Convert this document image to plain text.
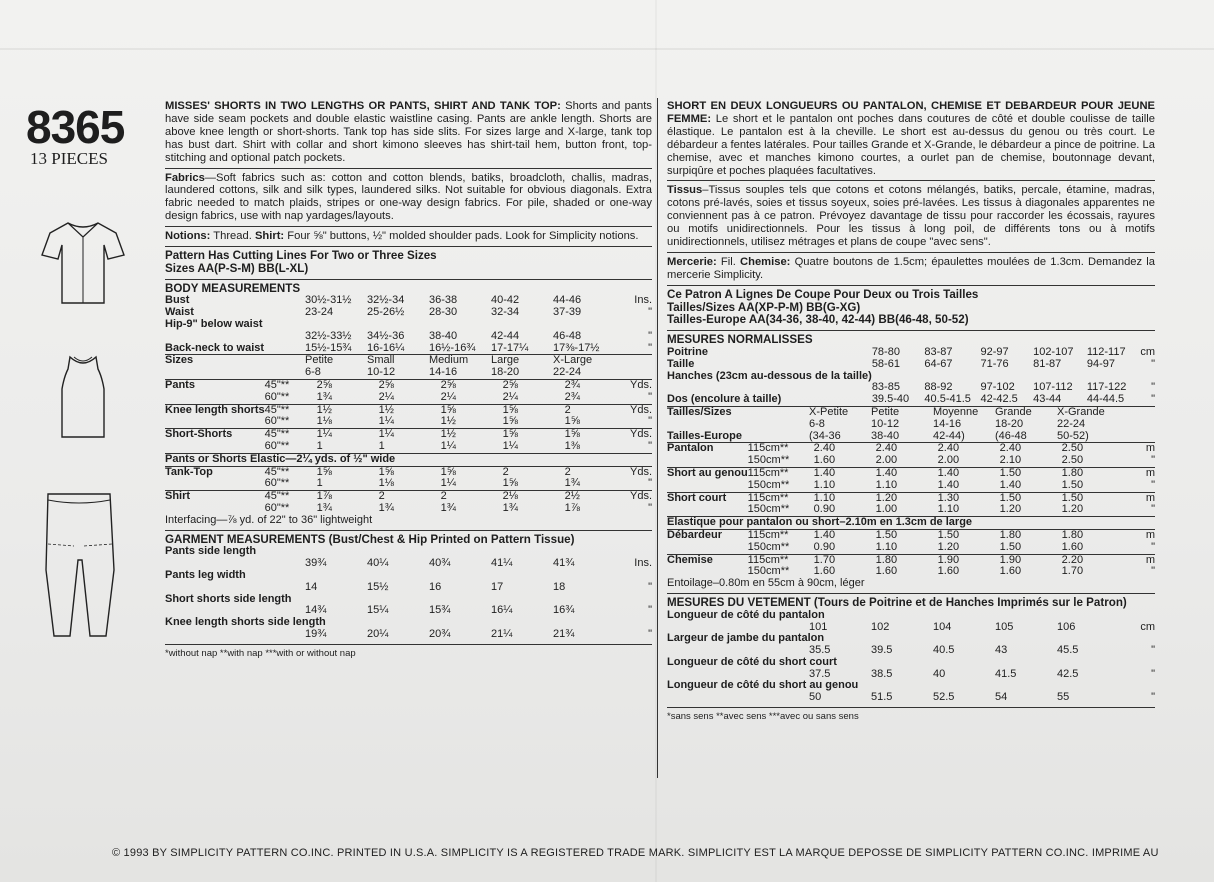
8365
13 PIECES

MISSES' SHORTS IN TWO LENGTHS OR PANTS, SHIRT AND TANK TOP: Shorts and pants have side seam pockets and double elastic waistline casing. Pants are ankle length. Shorts are above knee length or short-shorts. Tank top has side slits. For sizes large and X-large, tank top has bust dart. Shirt with collar and short kimono sleeves has shirt-tail hem, button front, top-stitching and optional patch pockets.

Fabrics—Soft fabrics such as: cotton and cotton blends, batiks, broadcloth, challis, madras, laundered cottons, silk and silk types, laundered silks. Not suitable for obvious diagonals. Extra fabric needed to match plaids, stripes or one-way design fabrics. For pile, shaded or one-way design fabrics, use with nap yardages/layouts.

Notions: Thread. Shirt: Four ⅝" buttons, ½" molded shoulder pads. Look for Simplicity notions.

Pattern Has Cutting Lines For Two or Three Sizes
Sizes AA(P-S-M) BB(L-XL)
BODY MEASUREMENTS
Bust	30½-31½	32½-34	36-38	40-42	44-46	Ins.
Waist	23-24	25-26½	28-30	32-34	37-39	"
Hip-9" below waist						
	32½-33½	34½-36	38-40	42-44	46-48	"
Back-neck to waist	15½-15¾	16-16¼	16½-16¾	17-17¼	17⅜-17½	"
Sizes	Petite	Small	Medium	Large	X-Large	
	6-8	10-12	14-16	18-20	22-24	
Pants	45"**	2⅝	2⅝	2⅝	2⅝	2¾	Yds.
	60"**	1¾	2¼	2¼	2¼	2¾	"
Knee length shorts	45"**	1½	1½	1⅝	1⅝	2	Yds.
	60"**	1⅛	1¼	1½	1⅝	1⅝	"
Short-Shorts	45"**	1¼	1¼	1½	1⅝	1⅝	Yds.
	60"**	1	1	1¼	1¼	1⅜	"
Pants or Shorts Elastic—2¼ yds. of ½" wide							
Tank-Top	45"**	1⅝	1⅝	1⅝	2	2	Yds.
	60"**	1	1⅛	1¼	1⅝	1¾	"
Shirt	45"**	1⅞	2	2	2⅛	2½	Yds.
	60"**	1¾	1¾	1¾	1¾	1⅞	"
Interfacing—⅞ yd. of 22" to 36" lightweight							
GARMENT MEASUREMENTS (Bust/Chest & Hip Printed on Pattern Tissue)
Pants side length						
	39¾	40¼	40¾	41¼	41¾	Ins.
Pants leg width						
	14	15½	16	17	18	"
Short shorts side length						
	14¾	15¼	15¾	16¼	16¾	"
Knee length shorts side length						
	19¾	20¼	20¾	21¼	21¾	"
*without nap **with nap ***with or without nap

SHORT EN DEUX LONGUEURS OU PANTALON, CHEMISE ET DEBARDEUR POUR JEUNE FEMME: Le short et le pantalon ont poches dans coutures de côté et double coulisse de taille élastique. Le pantalon est à la cheville. Le short est au-dessus du genou ou très court. Le débardeur a fentes latérales. Pour tailles Grande et X-Grande, le débardeur a pince de poitrine. La chemise, avec et manches kimono courtes, a ourlet pan de chemise, boutonnage devant, surpiqûre et poches plaquées facultatives.

Tissus–Tissus souples tels que cotons et cotons mélangés, batiks, percale, étamine, madras, cotons pré-lavés, soies et tissus soyeux, soies pré-lavées. Les tissus à diagonales apparentes ne conviennent pas à ce patron. Prévoyez davantage de tissu pour raccorder les écossais, rayures ou motifs unidirectionnels. Pour les tissus à long poil, de différents tons ou à motifs unidirectionnels, utilisez métrages et plans de coupe "avec sens".

Mercerie: Fil. Chemise: Quatre boutons de 1.5cm; épaulettes moulées de 1.3cm. Demandez la mercerie Simplicity.

Ce Patron A Lignes De Coupe Pour Deux ou Trois Tailles
Tailles/Sizes AA(XP-P-M) BB(G-XG)
Tailles-Europe AA(34-36, 38-40, 42-44) BB(46-48, 50-52)
MESURES NORMALISSES
Poitrine	78-80	83-87	92-97	102-107	112-117	cm
Taille	58-61	64-67	71-76	81-87	94-97	"
Hanches (23cm au-dessous de la taille)						
	83-85	88-92	97-102	107-112	117-122	"
Dos (encolure à taille)	39.5-40	40.5-41.5	42-42.5	43-44	44-44.5	"
Tailles/Sizes	X-Petite	Petite	Moyenne	Grande	X-Grande	
	6-8	10-12	14-16	18-20	22-24	
Tailles-Europe	(34-36	38-40	42-44)	(46-48	50-52)	
Pantalon	115cm**	2.40	2.40	2.40	2.40	2.50	m
	150cm**	1.60	2.00	2.00	2.10	2.50	"
Short au genou	115cm**	1.40	1.40	1.40	1.50	1.80	m
	150cm**	1.10	1.10	1.40	1.40	1.50	"
Short court	115cm**	1.10	1.20	1.30	1.50	1.50	m
	150cm**	0.90	1.00	1.10	1.20	1.20	"
Elastique pour pantalon ou short–2.10m en 1.3cm de large							
Débardeur	115cm**	1.40	1.50	1.50	1.80	1.80	m
	150cm**	0.90	1.10	1.20	1.50	1.60	"
Chemise	115cm**	1.70	1.80	1.90	1.90	2.20	m
	150cm**	1.60	1.60	1.60	1.60	1.70	"
Entoilage–0.80m en 55cm à 90cm, léger							
MESURES DU VETEMENT (Tours de Poitrine et de Hanches Imprimés sur le Patron)
Longueur de côté du pantalon						
	101	102	104	105	106	cm
Largeur de jambe du pantalon						
	35.5	39.5	40.5	43	45.5	"
Longueur de côté du short court						
	37.5	38.5	40	41.5	42.5	"
Longueur de côté du short au genou						
	50	51.5	52.5	54	55	"
*sans sens **avec sens ***avec ou sans sens
© 1993 BY SIMPLICITY PATTERN CO.INC. PRINTED IN U.S.A. SIMPLICITY IS A REGISTERED TRADE MARK. SIMPLICITY EST LA MARQUE DEPOSSE DE SIMPLICITY PATTERN CO.INC. IMPRIME AU
